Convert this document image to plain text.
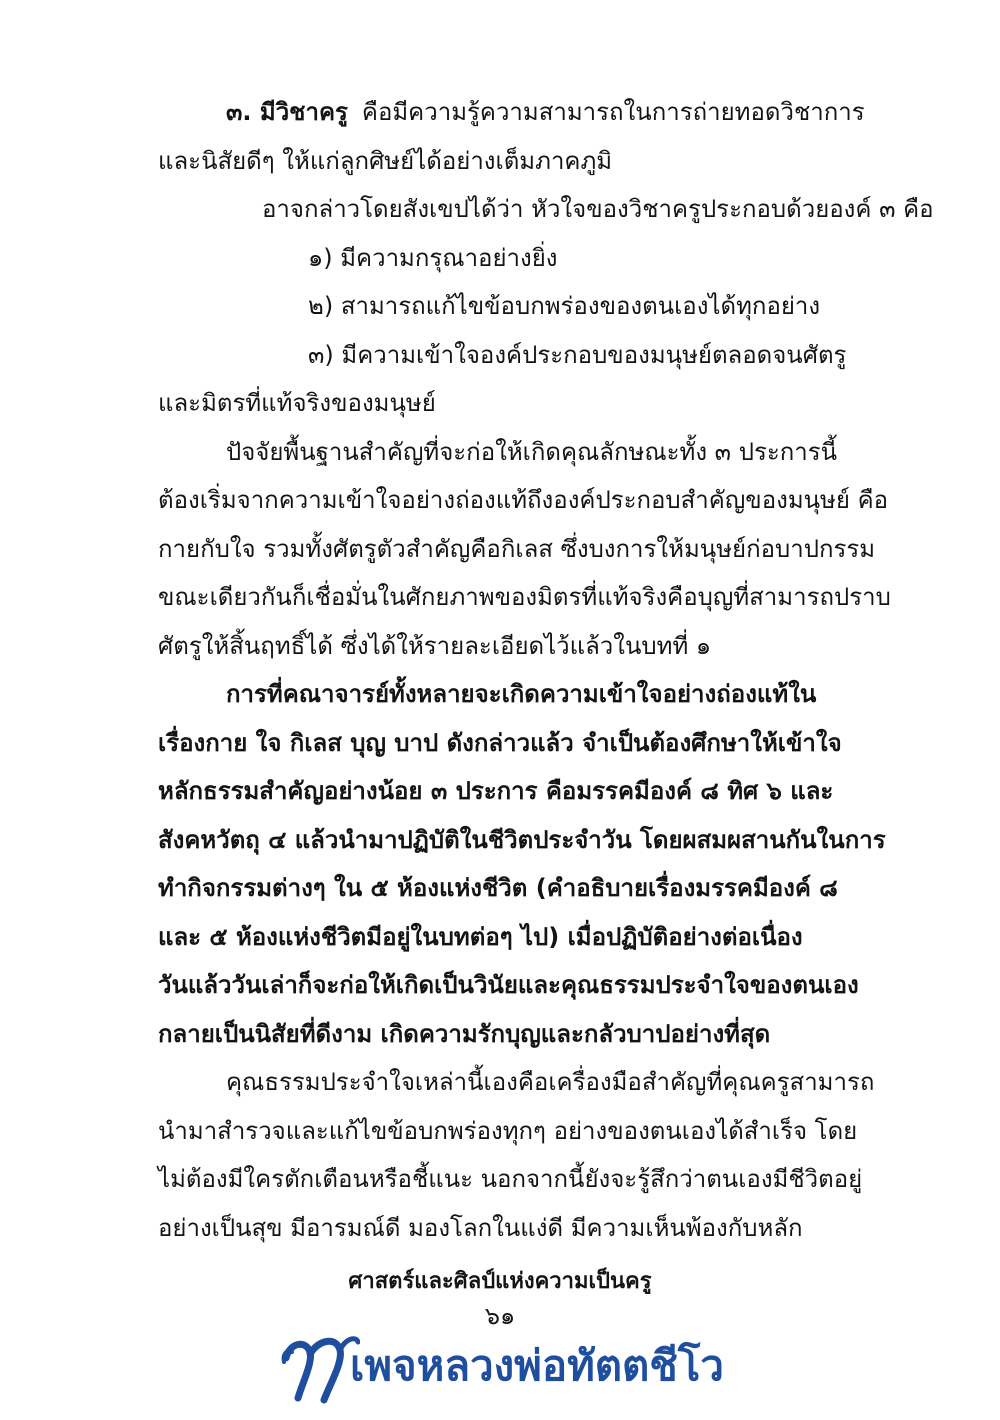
๓. มีวิชาครู คือมีความรู้ความสามารถในการถ่ายทอดวิชาการ
และนิสัยดีๆ ให้แก่ลูกศิษย์ได้อย่างเต็มภาคภูมิ
อาจกล่าวโดยสังเขปได้ว่า หัวใจของวิชาครูประกอบด้วยองค์ ๓ คือ
๑) มีความกรุณาอย่างยิ่ง
๒) สามารถแก้ไขข้อบกพร่องของตนเองได้ทุกอย่าง
๓) มีความเข้าใจองค์ประกอบของมนุษย์ตลอดจนศัตรู
และมิตรที่แท้จริงของมนุษย์
ปัจจัยพื้นฐานสำคัญที่จะก่อให้เกิดคุณลักษณะทั้ง ๓ ประการนี้
ต้องเริ่มจากความเข้าใจอย่างถ่องแท้ถึงองค์ประกอบสำคัญของมนุษย์ คือ
กายกับใจ รวมทั้งศัตรูตัวสำคัญคือกิเลส ซึ่งบงการให้มนุษย์ก่อบาปกรรม
ขณะเดียวกันก็เชื่อมั่นในศักยภาพของมิตรที่แท้จริงคือบุญที่สามารถปราบ
ศัตรูให้สิ้นฤทธิ์ได้ ซึ่งได้ให้รายละเอียดไว้แล้วในบทที่ ๑
การที่คณาจารย์ทั้งหลายจะเกิดความเข้าใจอย่างถ่องแท้ใน
เรื่องกาย ใจ กิเลส บุญ บาป ดังกล่าวแล้ว จำเป็นต้องศึกษาให้เข้าใจ
หลักธรรมสำคัญอย่างน้อย ๓ ประการ คือมรรคมีองค์ ๘ ทิศ ๖ และ
สังคหวัตถุ ๔ แล้วนำมาปฏิบัติในชีวิตประจำวัน โดยผสมผสานกันในการ
ทำกิจกรรมต่างๆ ใน ๕ ห้องแห่งชีวิต (คำอธิบายเรื่องมรรคมีองค์ ๘
และ ๕ ห้องแห่งชีวิตมีอยู่ในบทต่อๆ ไป) เมื่อปฏิบัติอย่างต่อเนื่อง
วันแล้ววันเล่าก็จะก่อให้เกิดเป็นวินัยและคุณธรรมประจำใจของตนเอง
กลายเป็นนิสัยที่ดีงาม เกิดความรักบุญและกลัวบาปอย่างที่สุด
คุณธรรมประจำใจเหล่านี้เองคือเครื่องมือสำคัญที่คุณครูสามารถ
นำมาสำรวจและแก้ไขข้อบกพร่องทุกๆ อย่างของตนเองได้สำเร็จ โดย
ไม่ต้องมีใครตักเตือนหรือชี้แนะ นอกจากนี้ยังจะรู้สึกว่าตนเองมีชีวิตอยู่
อย่างเป็นสุข มีอารมณ์ดี มองโลกในแง่ดี มีความเห็นพ้องกับหลัก
ศาสตร์และศิลป์แห่งความเป็นครู
๖๑
เพจหลวงพ่อทัตตชีโว
